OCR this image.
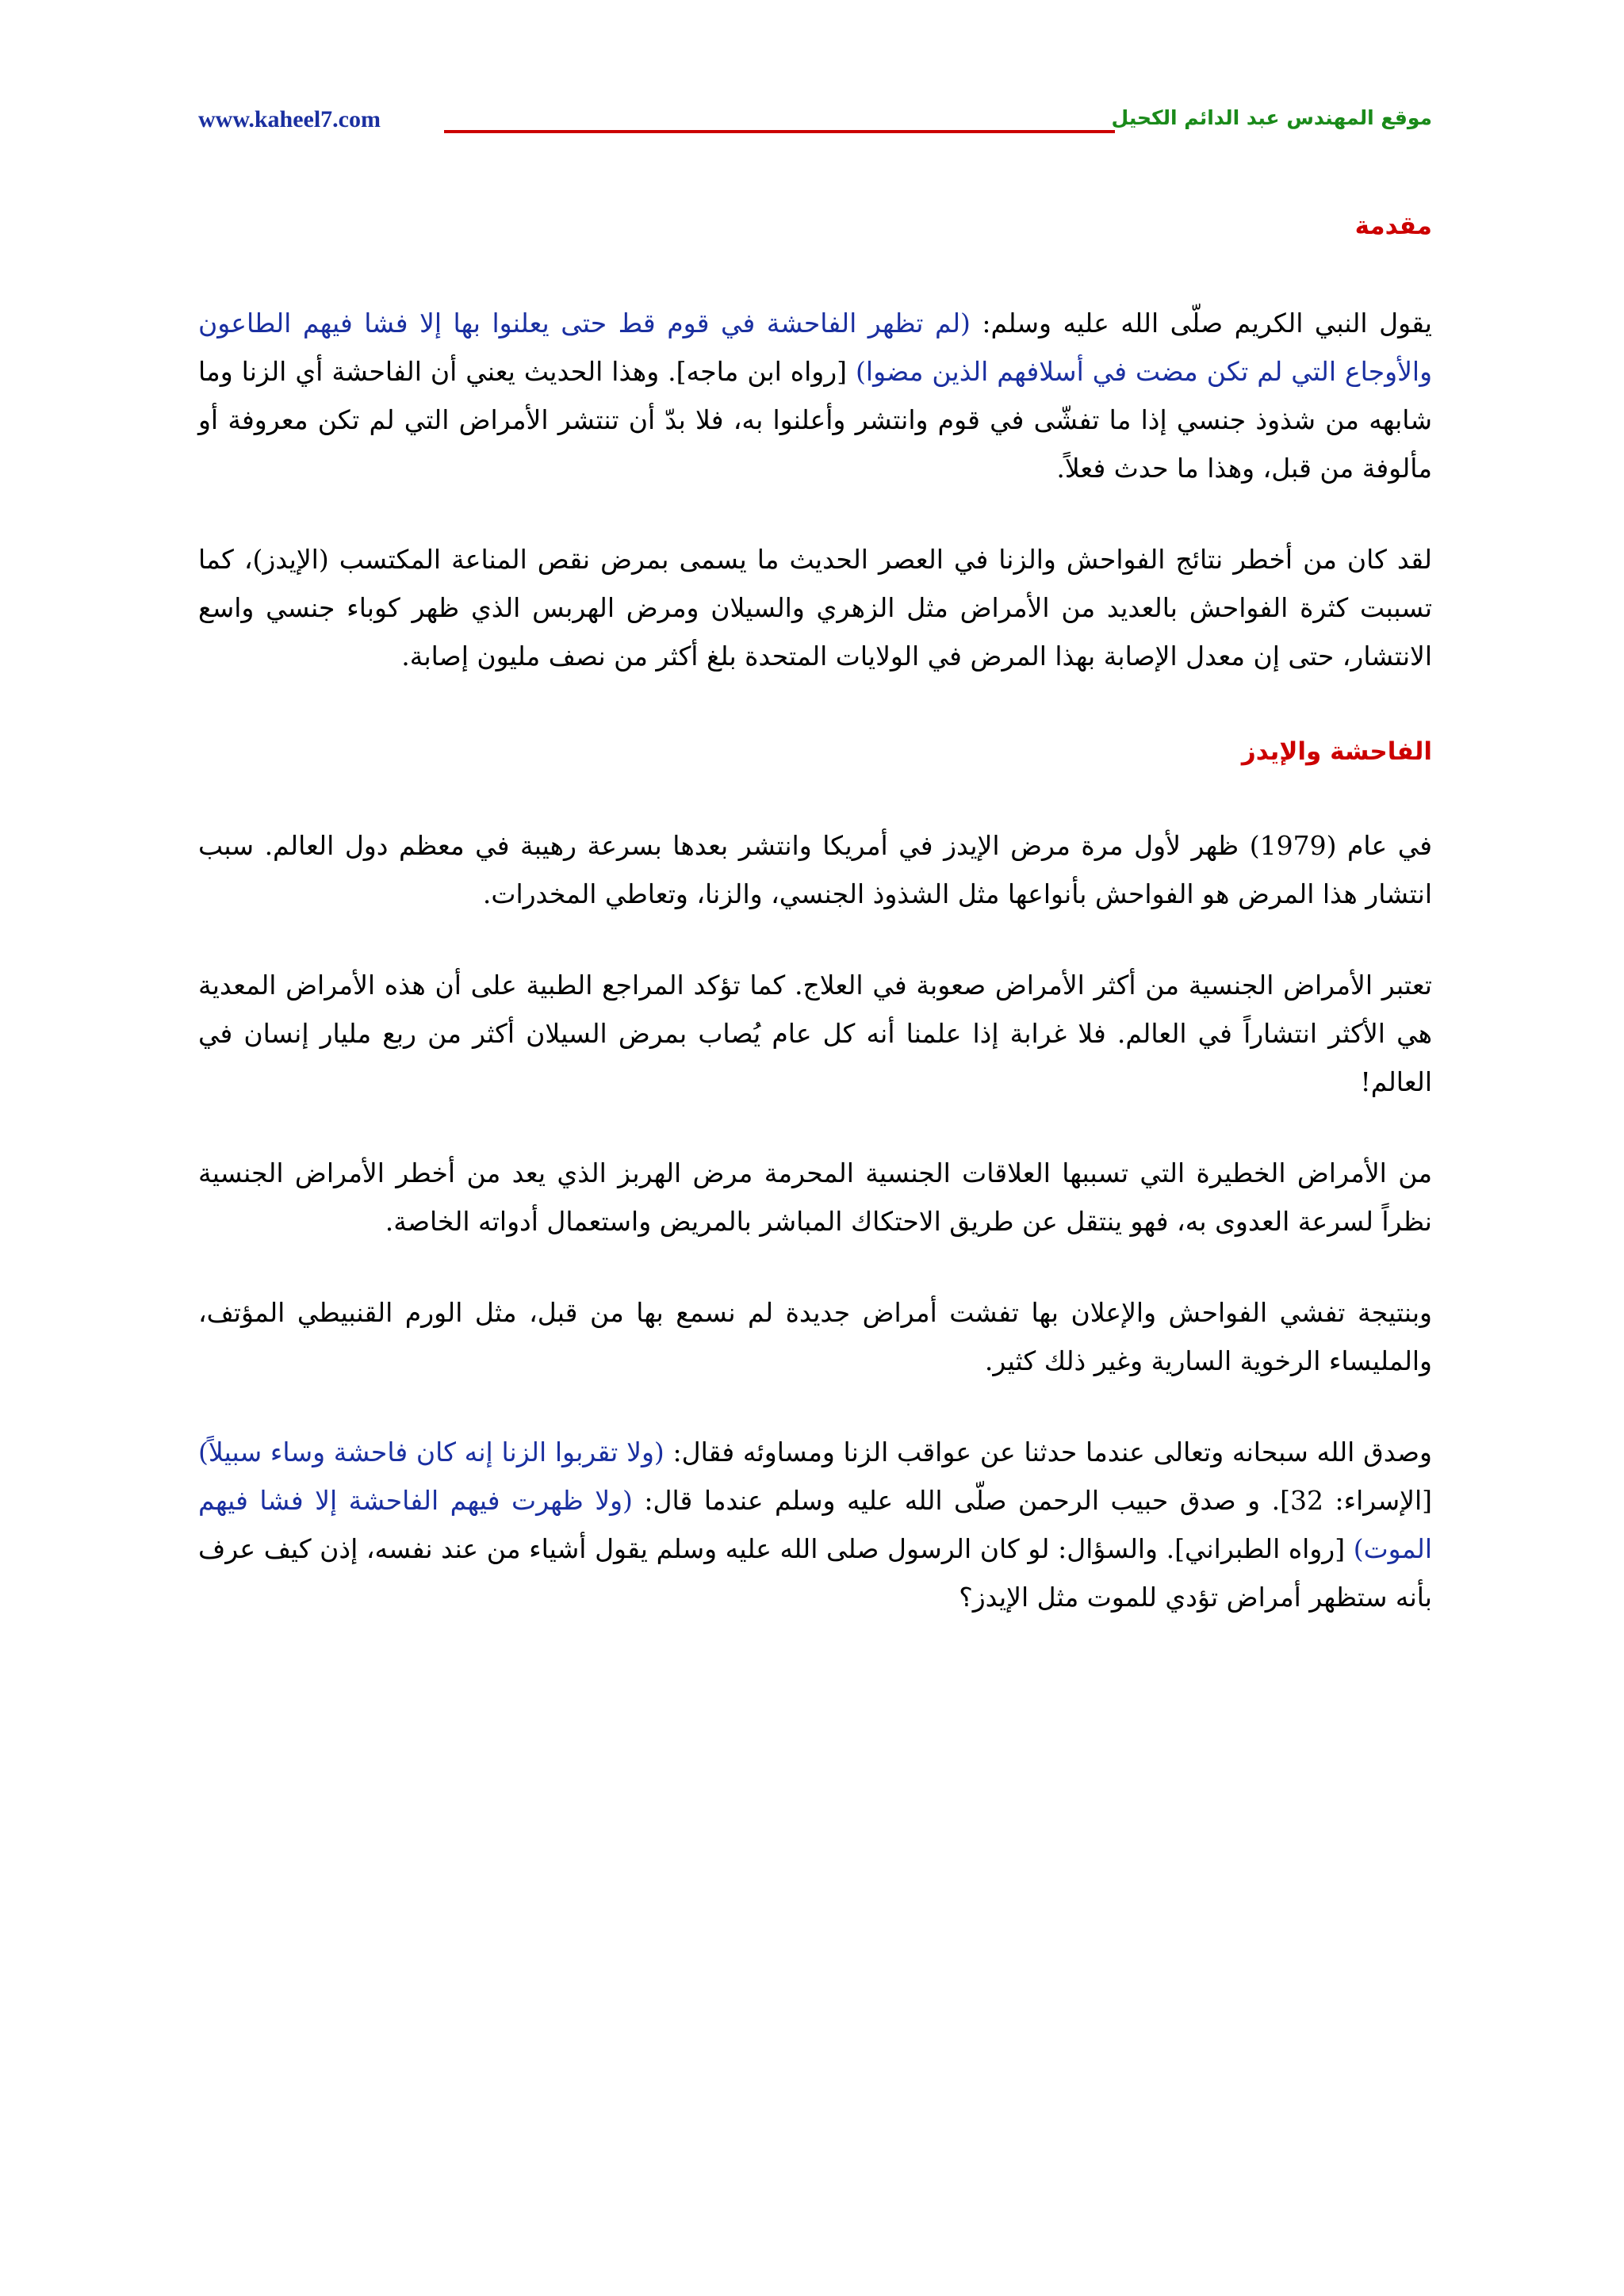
www.kaheel7.com	موقع المهندس عبد الدائم الكحيل
مقدمة

يقول النبي الكريم صلّى الله عليه وسلم: (لم تظهر الفاحشة في قوم قط حتى يعلنوا بها إلا فشا فيهم الطاعون والأوجاع التي لم تكن مضت في أسلافهم الذين مضوا) [رواه ابن ماجه]. وهذا الحديث يعني أن الفاحشة أي الزنا وما شابهه من شذوذ جنسي إذا ما تفشّى في قوم وانتشر وأعلنوا به، فلا بدّ أن تنتشر الأمراض التي لم تكن معروفة أو مألوفة من قبل، وهذا ما حدث فعلاً.

لقد كان من أخطر نتائج الفواحش والزنا في العصر الحديث ما يسمى بمرض نقص المناعة المكتسب (الإيدز)، كما تسببت كثرة الفواحش بالعديد من الأمراض مثل الزهري والسيلان ومرض الهربس الذي ظهر كوباء جنسي واسع الانتشار، حتى إن معدل الإصابة بهذا المرض في الولايات المتحدة بلغ أكثر من نصف مليون إصابة.

الفاحشة والإيدز

في عام (1979) ظهر لأول مرة مرض الإيدز في أمريكا وانتشر بعدها بسرعة رهيبة في معظم دول العالم. سبب انتشار هذا المرض هو الفواحش بأنواعها مثل الشذوذ الجنسي، والزنا، وتعاطي المخدرات.

تعتبر الأمراض الجنسية من أكثر الأمراض صعوبة في العلاج. كما تؤكد المراجع الطبية على أن هذه الأمراض المعدية هي الأكثر انتشاراً في العالم. فلا غرابة إذا علمنا أنه كل عام يُصاب بمرض السيلان أكثر من ربع مليار إنسان في العالم!

من الأمراض الخطيرة التي تسببها العلاقات الجنسية المحرمة مرض الهربز الذي يعد من أخطر الأمراض الجنسية نظراً لسرعة العدوى به، فهو ينتقل عن طريق الاحتكاك المباشر بالمريض واستعمال أدواته الخاصة.

وبنتيجة تفشي الفواحش والإعلان بها تفشت أمراض جديدة لم نسمع بها من قبل، مثل الورم القنبيطي المؤتف، والمليساء الرخوية السارية وغير ذلك كثير.

وصدق الله سبحانه وتعالى عندما حدثنا عن عواقب الزنا ومساوئه فقال: (ولا تقربوا الزنا إنه كان فاحشة وساء سبيلاً) [الإسراء: 32]. و صدق حبيب الرحمن صلّى الله عليه وسلم عندما قال: (ولا ظهرت فيهم الفاحشة إلا فشا فيهم الموت) [رواه الطبراني]. والسؤال: لو كان الرسول صلى الله عليه وسلم يقول أشياء من عند نفسه، إذن كيف عرف بأنه ستظهر أمراض تؤدي للموت مثل الإيدز؟
